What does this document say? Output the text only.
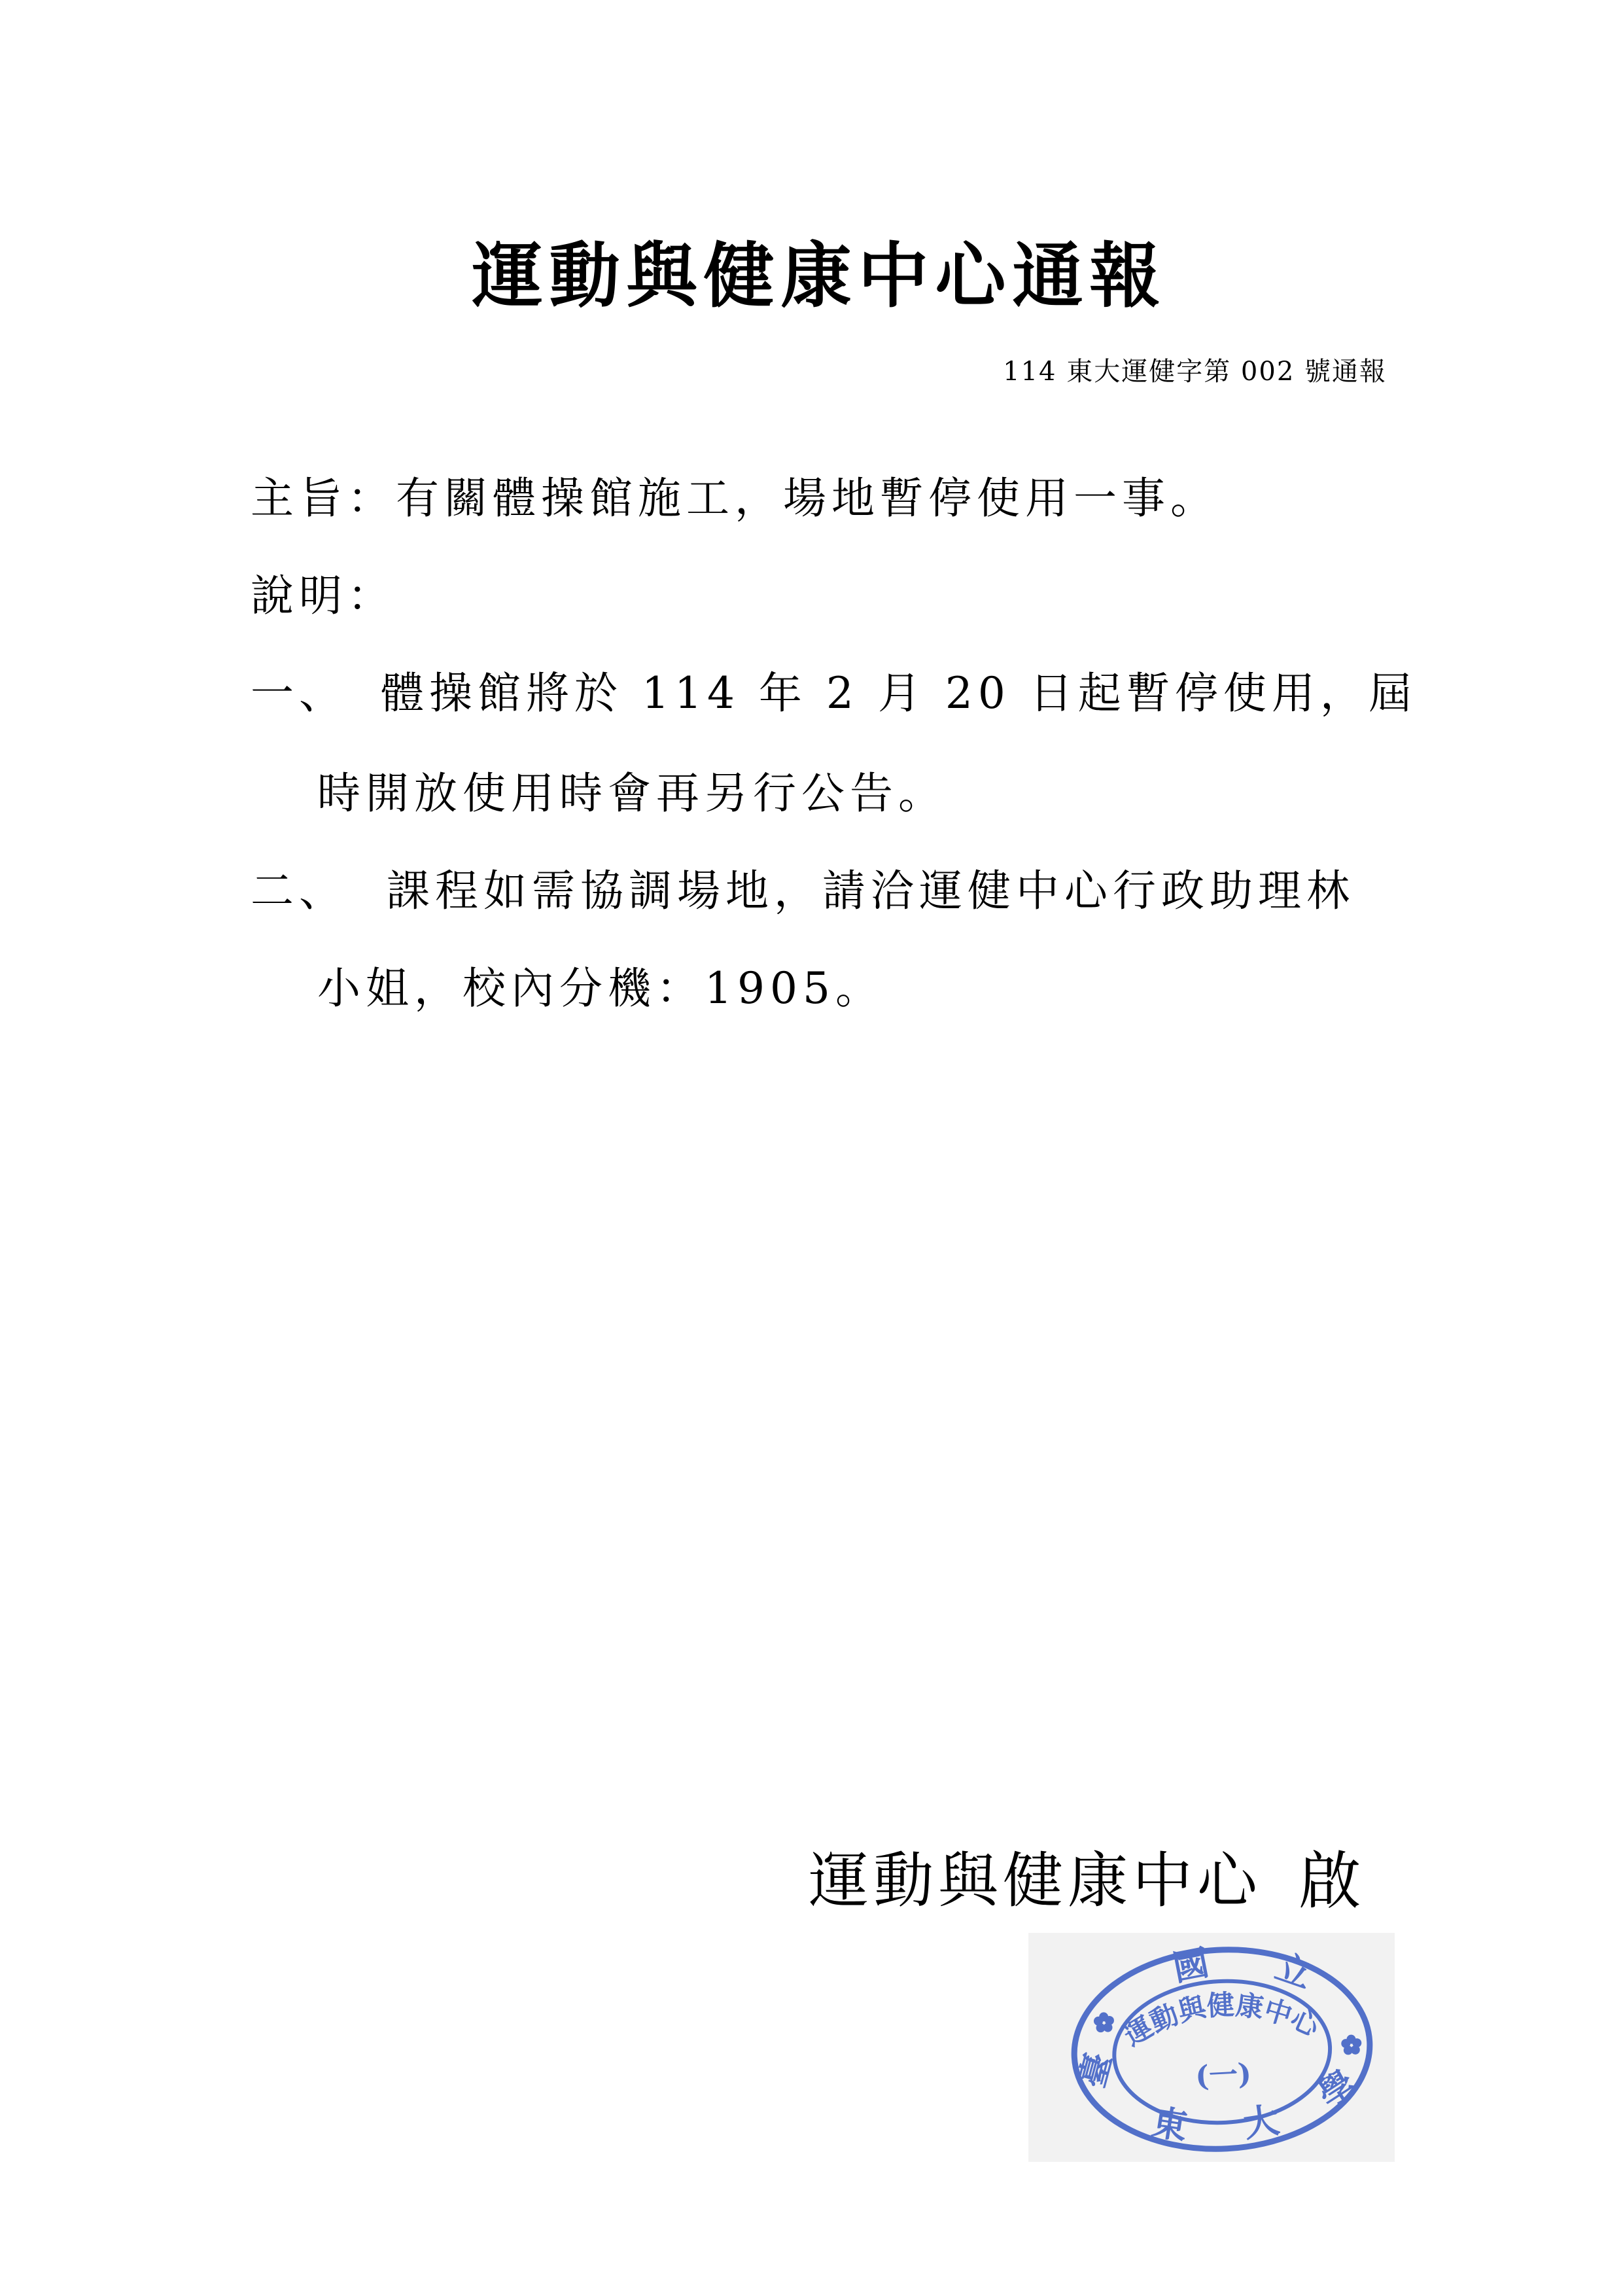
運動與健康中心通報
114 東大運健字第 002 號通報
主旨：有關體操館施工，場地暫停使用一事。
說明：
一、 體操館將於 114 年 2 月 20 日起暫停使用，屆
時開放使用時會再另行公告。
二、 課程如需協調場地，請洽運健中心行政助理林
小姐，校內分機：1905。
運動與健康中心 啟
國 立
臺
東 大
學
運動與健康中心
(一)
